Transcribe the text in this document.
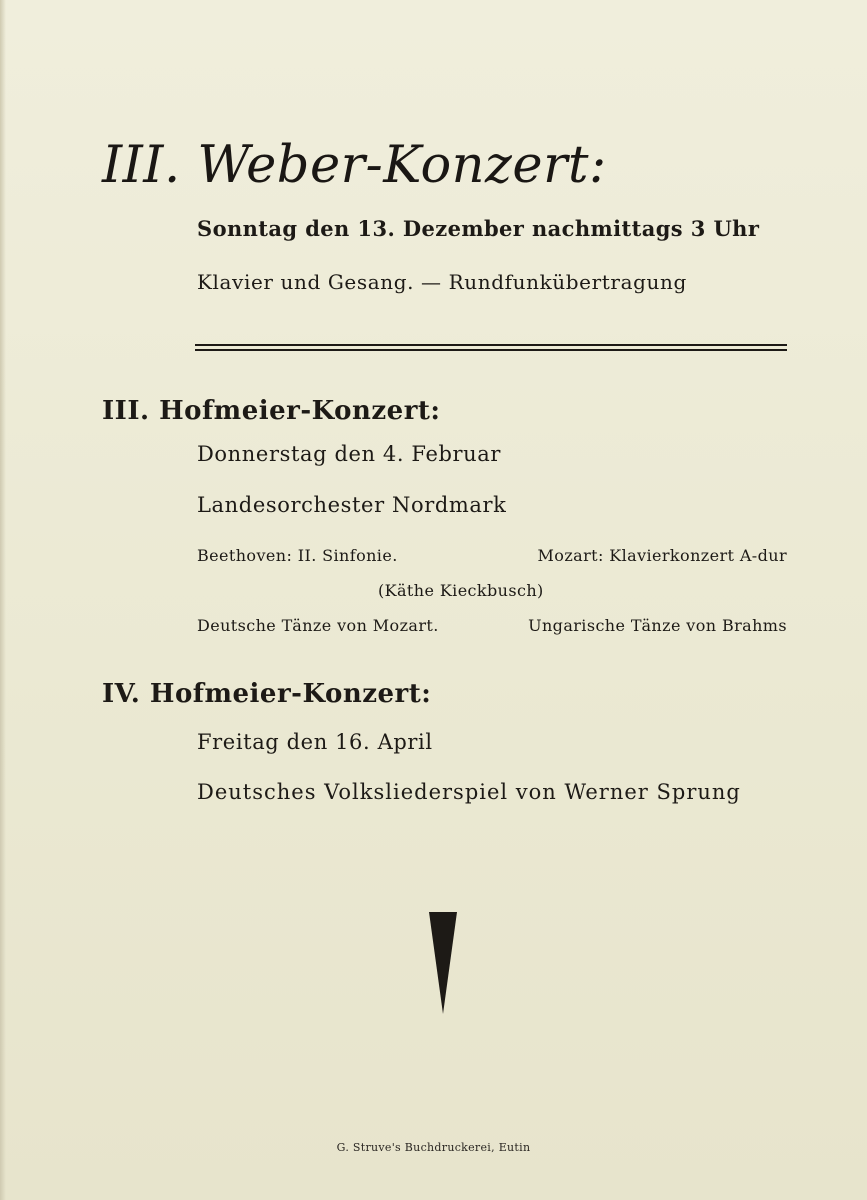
III. Weber-Konzert:
Sonntag den 13. Dezember nachmittags 3 Uhr
Klavier und Gesang. — Rundfunkübertragung
III. Hofmeier-Konzert:
Donnerstag den 4. Februar
Landesorchester Nordmark
Beethoven: II. Sinfonie.	Mozart: Klavierkonzert A-dur
(Käthe Kieckbusch)
Deutsche Tänze von Mozart.	Ungarische Tänze von Brahms
IV. Hofmeier-Konzert:
Freitag den 16. April
Deutsches Volksliederspiel von Werner Sprung
G. Struve's Buchdruckerei, Eutin
